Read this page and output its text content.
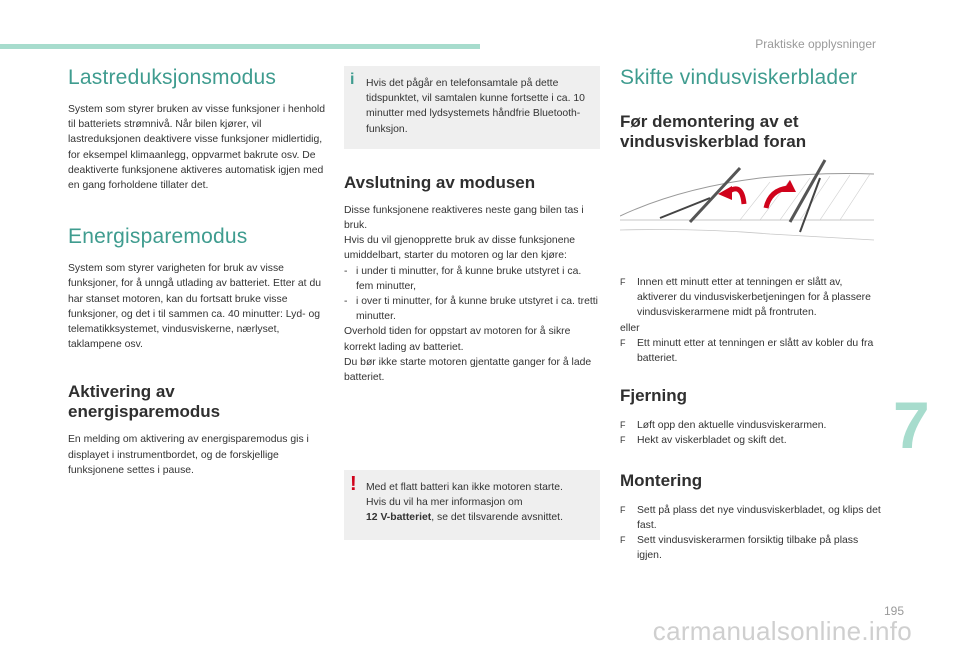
Praktiske opplysninger
7
195
carmanualsonline.info
Lastreduksjonsmodus

System som styrer bruken av visse funksjoner i henhold til batteriets strømnivå. Når bilen kjører, vil lastreduksjonen deaktivere visse funksjoner midlertidig, for eksempel klimaanlegg, oppvarmet bakrute osv. De deaktiverte funksjonene aktiveres automatisk igjen med en gang forholdene tillater det.

Energisparemodus

System som styrer varigheten for bruk av visse funksjoner, for å unngå utlading av batteriet. Etter at du har stanset motoren, kan du fortsatt bruke visse funksjoner, og det i til sammen ca. 40 minutter: Lyd- og telematikksystemet, vindusviskerne, nærlyset, taklampene osv.

Aktivering av energisparemodus

En melding om aktivering av energisparemodus gis i displayet i instrumentbordet, og de forskjellige funksjonene settes i pause.

i Hvis det pågår en telefonsamtale på dette tidspunktet, vil samtalen kunne fortsette i ca. 10 minutter med lydsystemets håndfrie Bluetooth-funksjon.
Avslutning av modusen

Disse funksjonene reaktiveres neste gang bilen tas i bruk.

Hvis du vil gjenopprette bruk av disse funksjonene umiddelbart, starter du motoren og lar den kjøre:

- i under ti minutter, for å kunne bruke utstyret i ca. fem minutter,
- i over ti minutter, for å kunne bruke utstyret i ca. tretti minutter.

Overhold tiden for oppstart av motoren for å sikre korrekt lading av batteriet.

Du bør ikke starte motoren gjentatte ganger for å lade batteriet.

! Med et flatt batteri kan ikke motoren starte.
Hvis du vil ha mer informasjon om
12 V-batteriet, se det tilsvarende avsnittet.
Skifte vindusviskerblader
Før demontering av et vindusviskerblad foran
F Innen ett minutt etter at tenningen er slått av, aktiverer du vindusviskerbetjeningen for å plassere vindusviskerarmene midt på frontruten.

eller

F Ett minutt etter at tenningen er slått av kobler du fra batteriet.
Fjerning
F Løft opp den aktuelle vindusviskerarmen.
F Hekt av viskerbladet og skift det.
Montering
F Sett på plass det nye vindusviskerbladet, og klips det fast.
F Sett vindusviskerarmen forsiktig tilbake på plass igjen.
